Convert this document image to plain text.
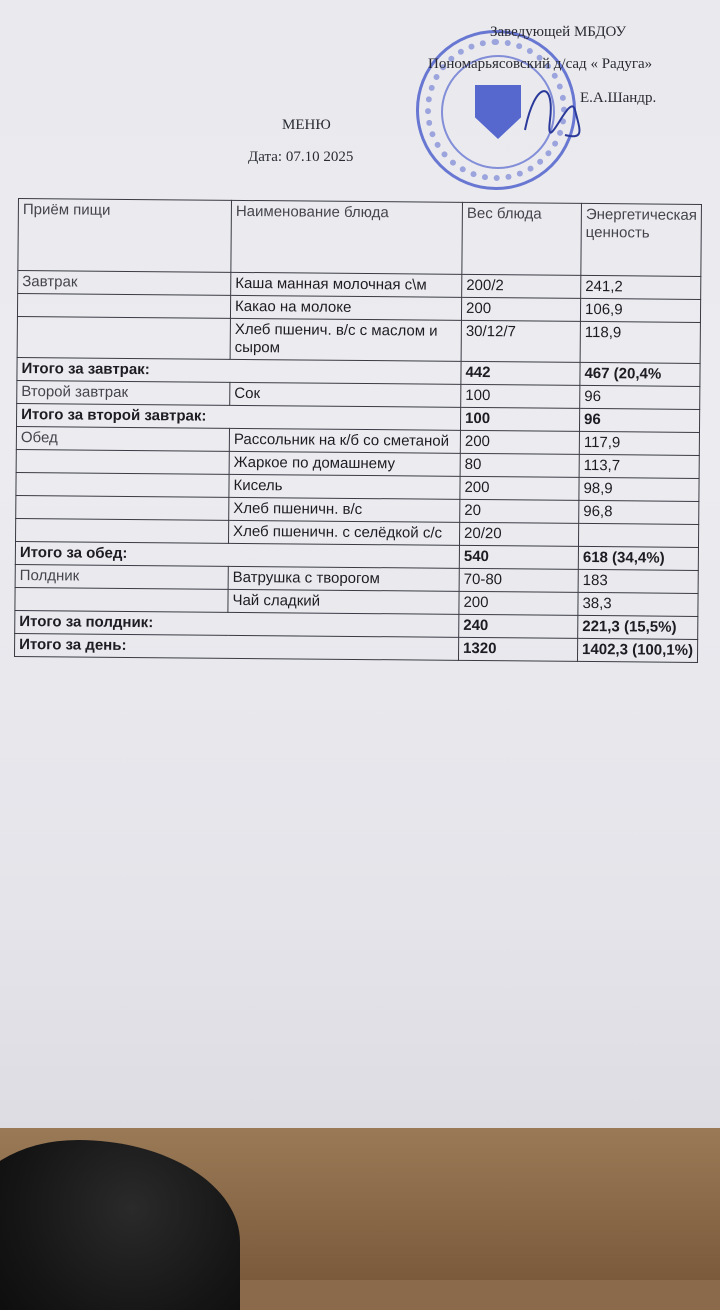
Заведующей МБДОУ
Пономарьясовский д/сад « Радуга»
Е.А.Шандр.
МЕНЮ
Дата: 07.10 2025
Приём пищи	Наименование блюда	Вес блюда	Энергетическая ценность
Завтрак	Каша манная молочная с\м	200/2	241,2
	Какао на молоке	200	106,9
	Хлеб пшенич. в/с с маслом и сыром	30/12/7	118,9
Итого за завтрак:		442	467 (20,4%
Второй завтрак	Сок	100	96
Итого за второй завтрак:		100	96
Обед	Рассольник на к/б со сметаной	200	117,9
	Жаркое по домашнему	80	113,7
	Кисель	200	98,9
	Хлеб пшеничн. в/с	20	96,8
	Хлеб пшеничн. с селёдкой с/с	20/20	
Итого за обед:		540	618 (34,4%)
Полдник	Ватрушка с творогом	70-80	183
	Чай сладкий	200	38,3
Итого за полдник:		240	221,3 (15,5%)
Итого за день:		1320	1402,3 (100,1%)
